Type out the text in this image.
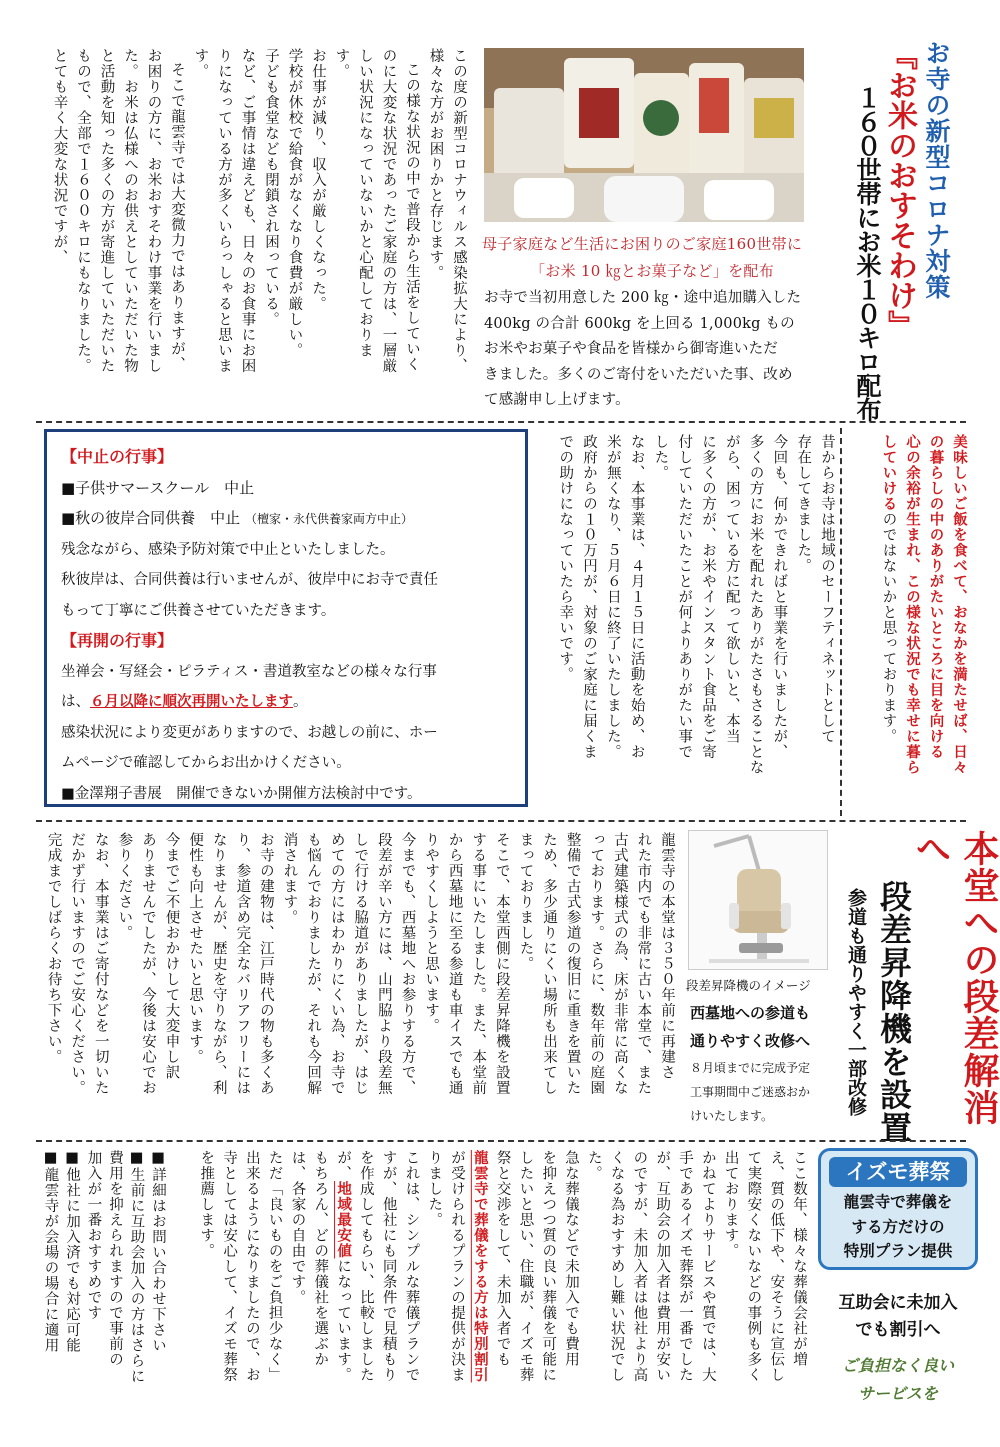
お寺の新型コロナ対策
『お米のおすそわけ』
１６０世帯にお米１０キロ配布
母子家庭など生活にお困りのご家庭160世帯に
「お米 10 ㎏とお菓子など」を配布
お寺で当初用意した 200 ㎏・途中追加購入した
400kg の合計 600kg を上回る 1,000kg もの
お米やお菓子や食品を皆様から御寄進いただ
きました。多くのご寄付をいただいた事、改め
て感謝申し上げます。
この度の新型コロナウィルス感染拡大により、
様々な方がお困りかと存じます。
この様な状況の中で普段から生活をしていく
のに大変な状況であったご家庭の方は、一層厳
しい状況になっていないかと心配しておりま
す。
お仕事が減り、収入が厳しくなった。
学校が休校で給食がなくなり食費が厳しい。
子ども食堂なども閉鎖され困っている。
など、ご事情は違えども、日々のお食事にお困
りになっている方が多くいらっしゃると思いま
す。
そこで龍雲寺では大変微力ではありますが、
お困りの方に、お米おすそわけ事業を行いまし
た。お米は仏様へのお供えとしていただいた物
と活動を知った多くの方が寄進していただいた
もので、全部で１６００キロにもなりました。
とても辛く大変な状況ですが、
【中止の行事】
■子供サマースクール　中止
■秋の彼岸合同供養　中止 （檀家・永代供養家両方中止）
残念ながら、感染予防対策で中止といたしました。
秋彼岸は、合同供養は行いませんが、彼岸中にお寺で責任
もって丁寧にご供養させていただきます。
【再開の行事】
坐禅会・写経会・ピラティス・書道教室などの様々な行事
は、６月以降に順次再開いたします。
感染状況により変更がありますので、お越しの前に、ホー
ムページで確認してからお出かけください。
■金澤翔子書展　開催できないか開催方法検討中です。
昔からお寺は地域のセーフティネットとして
存在してきました。
今回も、何かできればと事業を行いましたが、
多くの方にお米を配れたありがたさもさることな
がら、困っている方に配って欲しいと、本当
に多くの方が、お米やインスタント食品をご寄
付していただいたことが何よりありがたい事で
した。
なお、本事業は、４月１５日に活動を始め、お
米が無くなり、５月６日に終了いたしました。
政府からの１０万円が、対象のご家庭に届くま
での助けになっていたら幸いです。	美味しいご飯を食べて、おなかを満たせば、日々
の暮らしの中のありがたいところに目を向ける
心の余裕が生まれ、この様な状況でも幸せに暮ら
していけるのではないかと思っております。
本堂への段差解消へ
段差昇降機を設置
参道も通りやすく一部改修
段差昇降機のイメージ
西墓地への参道も
通りやすく改修へ
８月頃までに完成予定
工事期間中ご迷惑おか
けいたします。
龍雲寺の本堂は３５０年前に再建さ
れた市内でも非常に古い本堂で、また
古式建築様式の為、床が非常に高くな
っております。さらに、数年前の庭園
整備で古式参道の復旧に重きを置いた
ため、多少通りにくい場所も出来てし
まっておりました。
そこで、本堂西側に段差昇降機を設置
する事にいたしました。また、本堂前
から西墓地に至る参道も車イスでも通
りやすくしようと思います。
今までも、西墓地へお参りする方で、
段差が辛い方には、山門脇より段差無
しで行ける脇道がありましたが、はじ
めての方にはわかりにくい為、お寺で
も悩んでおりましたが、それも今回解
消されます。
お寺の建物は、江戸時代の物も多くあ
り、参道含め完全なバリアフリーには
なりませんが、歴史を守りながら、利
便性も向上させたいと思います。
今までご不便おかけして大変申し訳
ありませんでしたが、今後は安心でお
参りください。
なお、本事業はご寄付などを一切いた
だかず行いますのでご安心ください。
完成までしばらくお待ち下さい。
イズモ葬祭
龍雲寺で葬儀を
する方だけの
特別プラン提供
互助会に未加入
でも割引へ
ご負担なく良い
サービスを
ここ数年、様々な葬儀会社が増
え、質の低下や、安そうに宣伝し
て実際安くないなどの事例も多く
出ております。
かねてよりサービスや質では、大
手であるイズモ葬祭が一番でした
が、互助会の加入者は費用が安い
のですが、未加入者は他社より高
くなる為おすすめし難い状況でし
た。
急な葬儀などで未加入でも費用
を抑えつつ質の良い葬儀を可能に
したいと思い、住職が、イズモ葬
祭と交渉をして、未加入者でも
龍雲寺で葬儀をする方は特別割引
が受けられるプランの提供が決ま
りました。
これは、シンプルな葬儀プランで
すが、他社にも同条件で見積もり
を作成してもらい、比較しました
が、地域最安値になっています。
もちろん、どの葬儀社を選ぶか
は、各家の自由です。
ただ「良いものをご負担少なく」
出来るようになりましたので、お
寺としては安心して、イズモ葬祭
を推薦します。
■詳細はお問い合わせ下さい
■生前に互助会加入の方はさらに
費用を抑えられますので事前の
加入が一番おすすめです
■他社に加入済でも対応可能
■龍雲寺が会場の場合に適用
